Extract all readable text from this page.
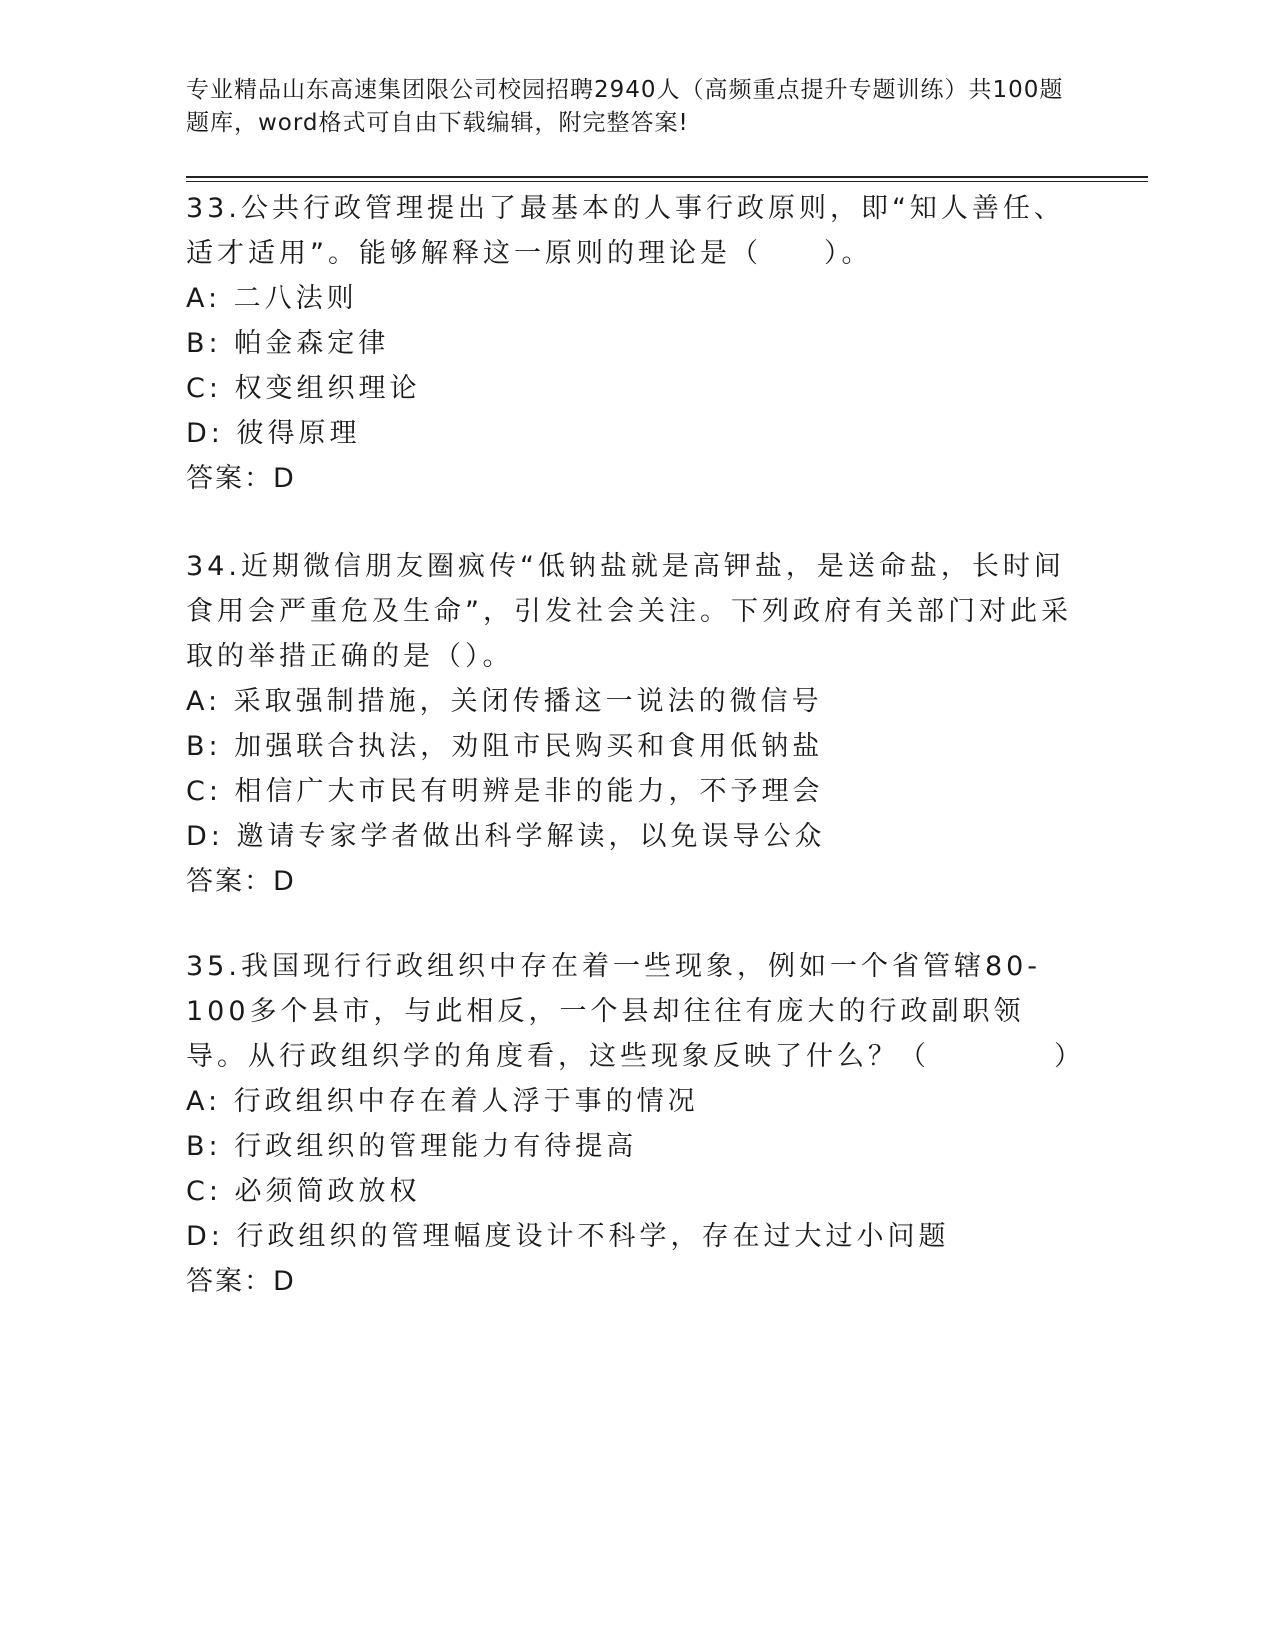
专业精品山东高速集团限公司校园招聘2940人（高频重点提升专题训练）共100题 题库，word格式可自由下载编辑，附完整答案!
33.公共行政管理提出了最基本的人事行政原则，即“知人善任、适才适用”。能够解释这一原则的理论是（　　）。
A: 二八法则
B: 帕金森定律
C: 权变组织理论
D: 彼得原理
答案：D
34.近期微信朋友圈疯传“低钠盐就是高钾盐，是送命盐，长时间食用会严重危及生命”，引发社会关注。下列政府有关部门对此采取的举措正确的是（）。
A: 采取强制措施，关闭传播这一说法的微信号
B: 加强联合执法，劝阻市民购买和食用低钠盐
C: 相信广大市民有明辨是非的能力，不予理会
D: 邀请专家学者做出科学解读，以免误导公众
答案：D
35.我国现行行政组织中存在着一些现象，例如一个省管辖80-100多个县市，与此相反，一个县却往往有庞大的行政副职领导。从行政组织学的角度看，这些现象反映了什么？（　　　　）
A: 行政组织中存在着人浮于事的情况
B: 行政组织的管理能力有待提高
C: 必须简政放权
D: 行政组织的管理幅度设计不科学，存在过大过小问题
答案：D
